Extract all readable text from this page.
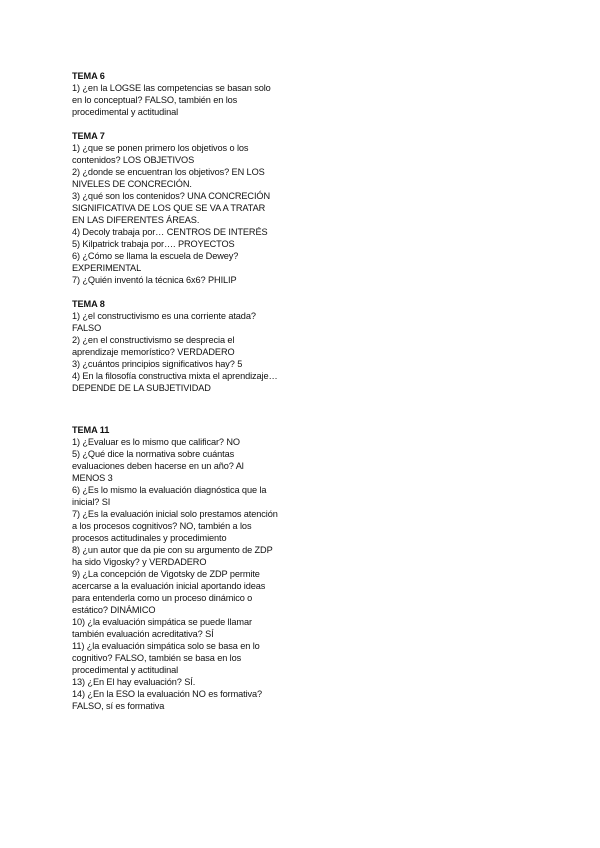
TEMA 6
1) ¿en la LOGSE las competencias se basan solo
en lo conceptual? FALSO, también en los
procedimental y actitudinal
TEMA 7
1) ¿que se ponen primero los objetivos o los
contenidos? LOS OBJETIVOS
2) ¿donde se encuentran los objetivos? EN LOS
NIVELES DE CONCRECIÓN.
3) ¿qué son los contenidos? UNA CONCRECIÓN
SIGNIFICATIVA DE LOS QUE SE VA A TRATAR
EN LAS DIFERENTES ÁREAS.
4) Decoly trabaja por… CENTROS DE INTERÉS
5) Kilpatrick trabaja por…. PROYECTOS
6) ¿Cómo se llama la escuela de Dewey?
EXPERIMENTAL
7) ¿Quién inventó la técnica 6x6? PHILIP
TEMA 8
1) ¿el constructivismo es una corriente atada?
FALSO
2) ¿en el constructivismo se desprecia el
aprendizaje memorístico? VERDADERO
3) ¿cuántos principios significativos hay? 5
4) En la filosofía constructiva mixta el aprendizaje…
DEPENDE DE LA SUBJETIVIDAD
TEMA 11
1) ¿Evaluar es lo mismo que calificar? NO
5) ¿Qué dice la normativa sobre cuántas
evaluaciones deben hacerse en un año? Al
MENOS 3
6) ¿Es lo mismo la evaluación diagnóstica que la
inicial? SI
7) ¿Es la evaluación inicial solo prestamos atención
a los procesos cognitivos? NO, también a los
procesos actitudinales y procedimiento
8) ¿un autor que da pie con su argumento de ZDP
ha sido Vigosky? y VERDADERO
9) ¿La concepción de Vigotsky de ZDP permite
acercarse a la evaluación inicial aportando ideas
para entenderla como un proceso dinámico o
estático? DINÁMICO
10) ¿la evaluación simpática se puede llamar
también evaluación acreditativa? SÍ
11) ¿la evaluación simpática solo se basa en lo
cognitivo? FALSO, también se basa en los
procedimental y actitudinal
13) ¿En El hay evaluación? SÍ.
14) ¿En la ESO la evaluación NO es formativa?
FALSO, sí es formativa
